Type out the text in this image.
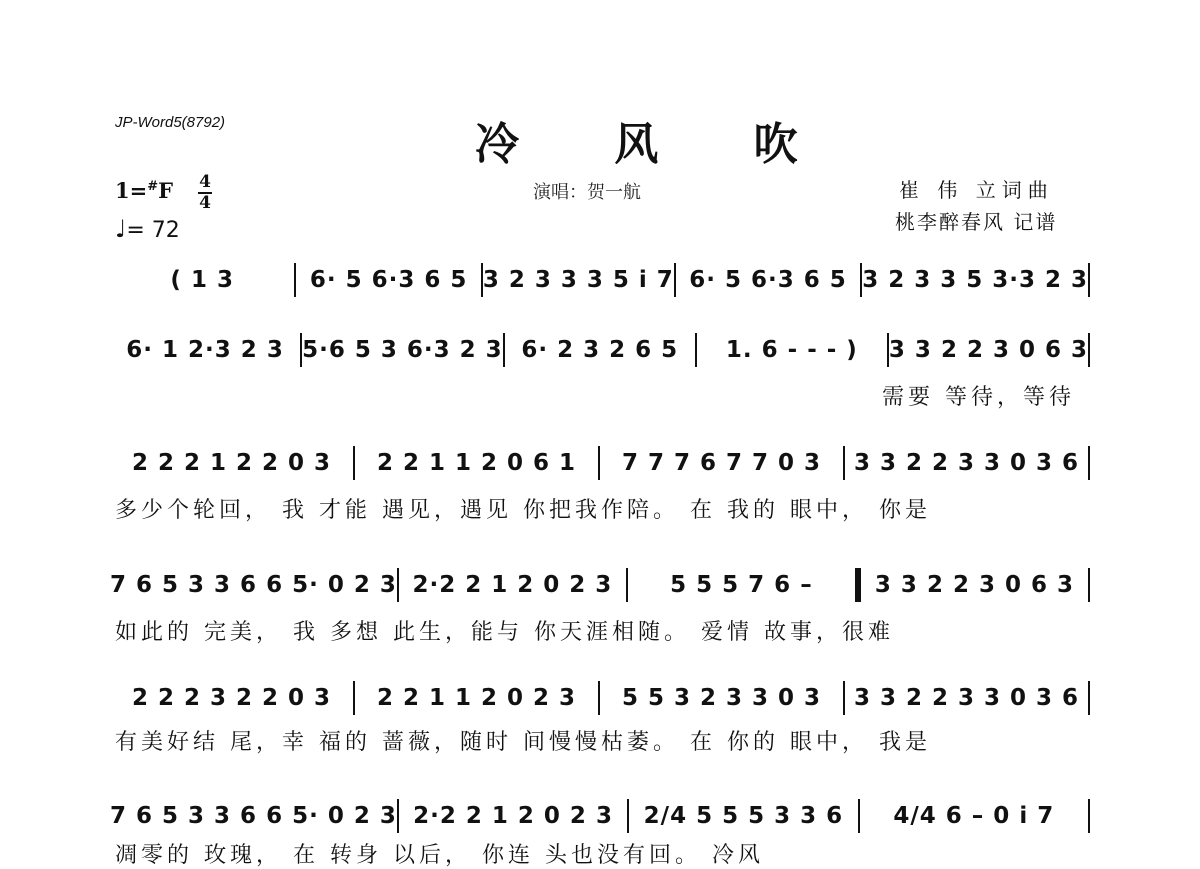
JP-Word5(8792)	冷 风 吹
演唱：贺一航	崔 伟 立词曲
桃李醉春风 记谱
1=#F 4
4
♩= 72
( 1 3	6· 5 6·3 6 5 3 2 3 3 3 5 i 7 6· 5 6·3 6 5 3 2 3 3 5 3·3 2 3
6· 1 2·3 2 3 5·6 5 3 6·3 2 3 6· 2 3 2 6 5	1. 6 - - - )	3 3 2 2 3 0 6 3
需要 等待，等待
2 2 2 1 2 2 0 3	2 2 1 1 2 0 6 1	7 7 7 6 7 7 0 3	3 3 2 2 3 3 0 3 6
多少个轮回， 我 才能 遇见，遇见 你把我作陪。 在 我的 眼中， 你是
7 6 5 3 3 6 6 5· 0 2 3 2·2 2 1 2 0 2 3	5 5 5 7 6 –	3 3 2 2 3 0 6 3
如此的 完美， 我 多想 此生，能与 你天涯相随。 爱情 故事，很难
2 2 2 3 2 2 0 3	2 2 1 1 2 0 2 3	5 5 3 2 3 3 0 3	3 3 2 2 3 3 0 3 6
有美好结 尾，幸 福的 蔷薇，随时 间慢慢枯萎。 在 你的 眼中， 我是
7 6 5 3 3 6 6 5· 0 2 3 2·2 2 1 2 0 2 3	2/4 5 5 5 3 3 6	4/4 6 – 0 i 7
凋零的 玫瑰， 在 转身 以后， 你连 头也没有回。 冷风
